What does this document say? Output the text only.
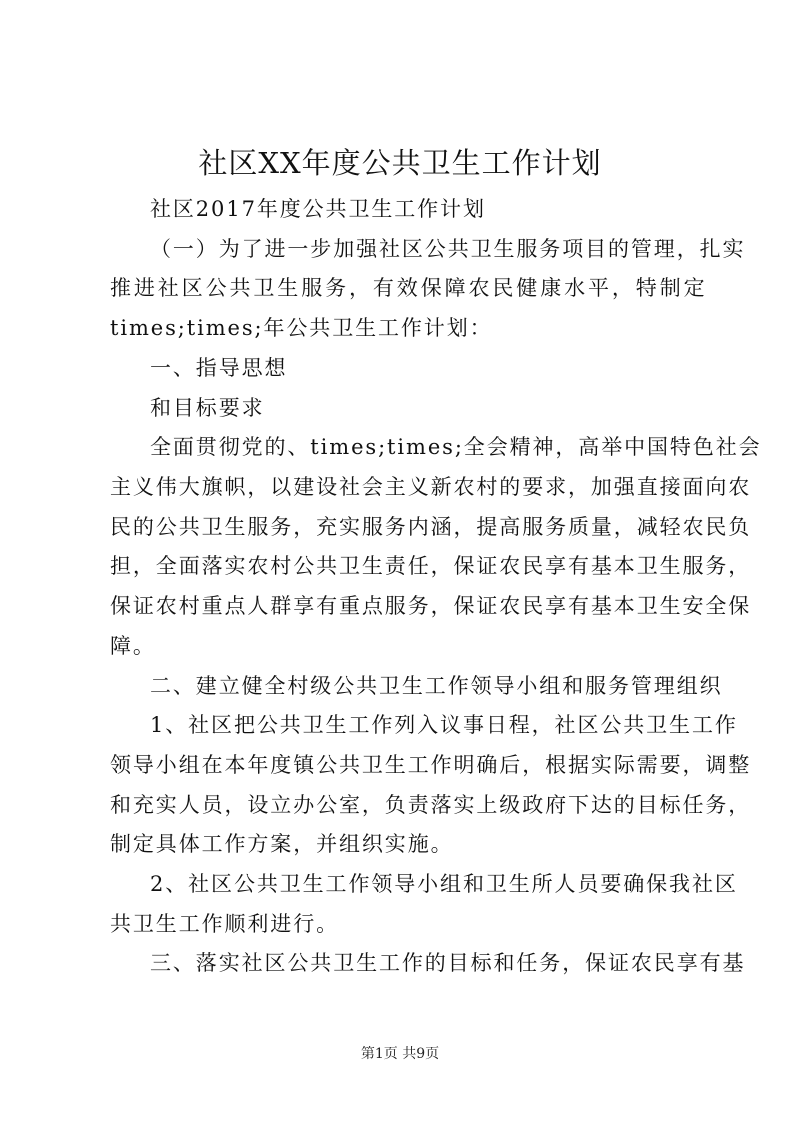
社区XX年度公共卫生工作计划
社区2017年度公共卫生工作计划
（一）为了进一步加强社区公共卫生服务项目的管理，扎实
推进社区公共卫生服务，有效保障农民健康水平，特制定
times;times;年公共卫生工作计划：
一、指导思想
和目标要求
全面贯彻党的、times;times;全会精神，高举中国特色社会
主义伟大旗帜，以建设社会主义新农村的要求，加强直接面向农
民的公共卫生服务，充实服务内涵，提高服务质量，减轻农民负
担，全面落实农村公共卫生责任，保证农民享有基本卫生服务，
保证农村重点人群享有重点服务，保证农民享有基本卫生安全保
障。
二、建立健全村级公共卫生工作领导小组和服务管理组织
1、社区把公共卫生工作列入议事日程，社区公共卫生工作
领导小组在本年度镇公共卫生工作明确后，根据实际需要，调整
和充实人员，设立办公室，负责落实上级政府下达的目标任务，
制定具体工作方案，并组织实施。
2、社区公共卫生工作领导小组和卫生所人员要确保我社区
共卫生工作顺利进行。
三、落实社区公共卫生工作的目标和任务，保证农民享有基
第1页 共9页
